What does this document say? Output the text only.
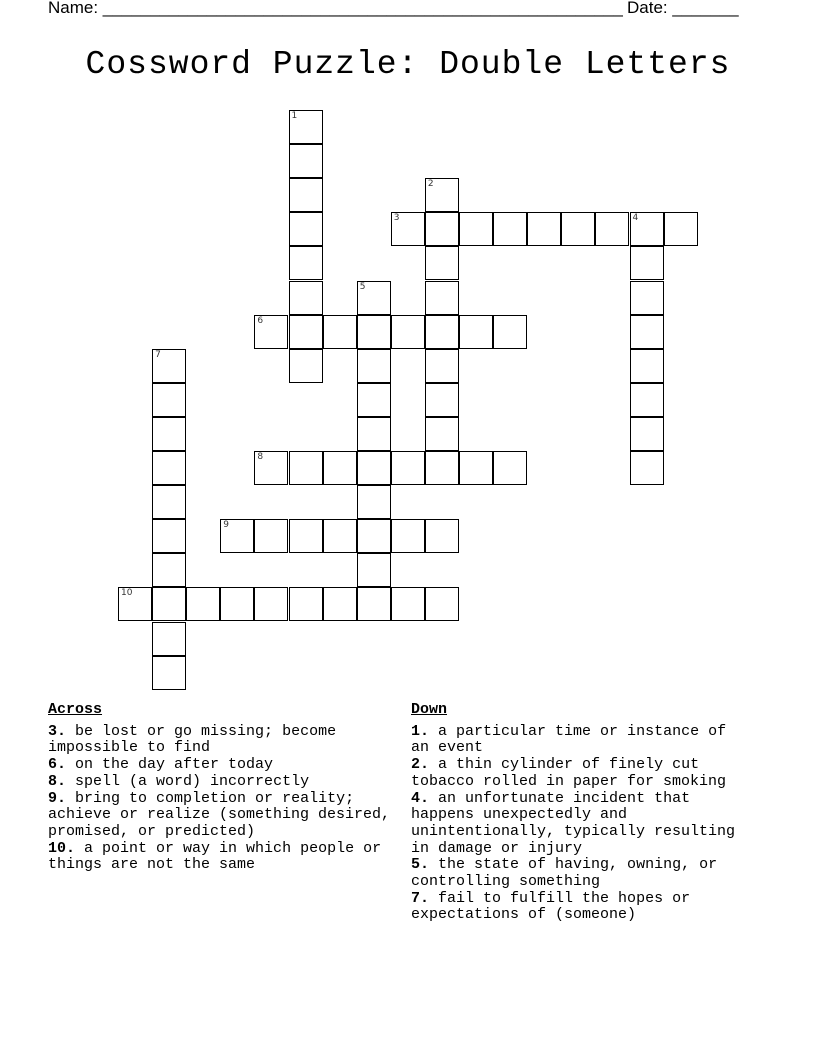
Name: _______________________________________________________ Date: _______
Cossword Puzzle: Double Letters
1
2
3	4
5
6
7
8
9
10
Across
3. be lost or go missing; become impossible to find
6. on the day after today
8. spell (a word) incorrectly
9. bring to completion or reality; achieve or realize (something desired, promised, or predicted)
10. a point or way in which people or things are not the same
Down
1. a particular time or instance of an event
2. a thin cylinder of finely cut tobacco rolled in paper for smoking
4. an unfortunate incident that happens unexpectedly and unintentionally, typically resulting in damage or injury
5. the state of having, owning, or controlling something
7. fail to fulfill the hopes or expectations of (someone)
